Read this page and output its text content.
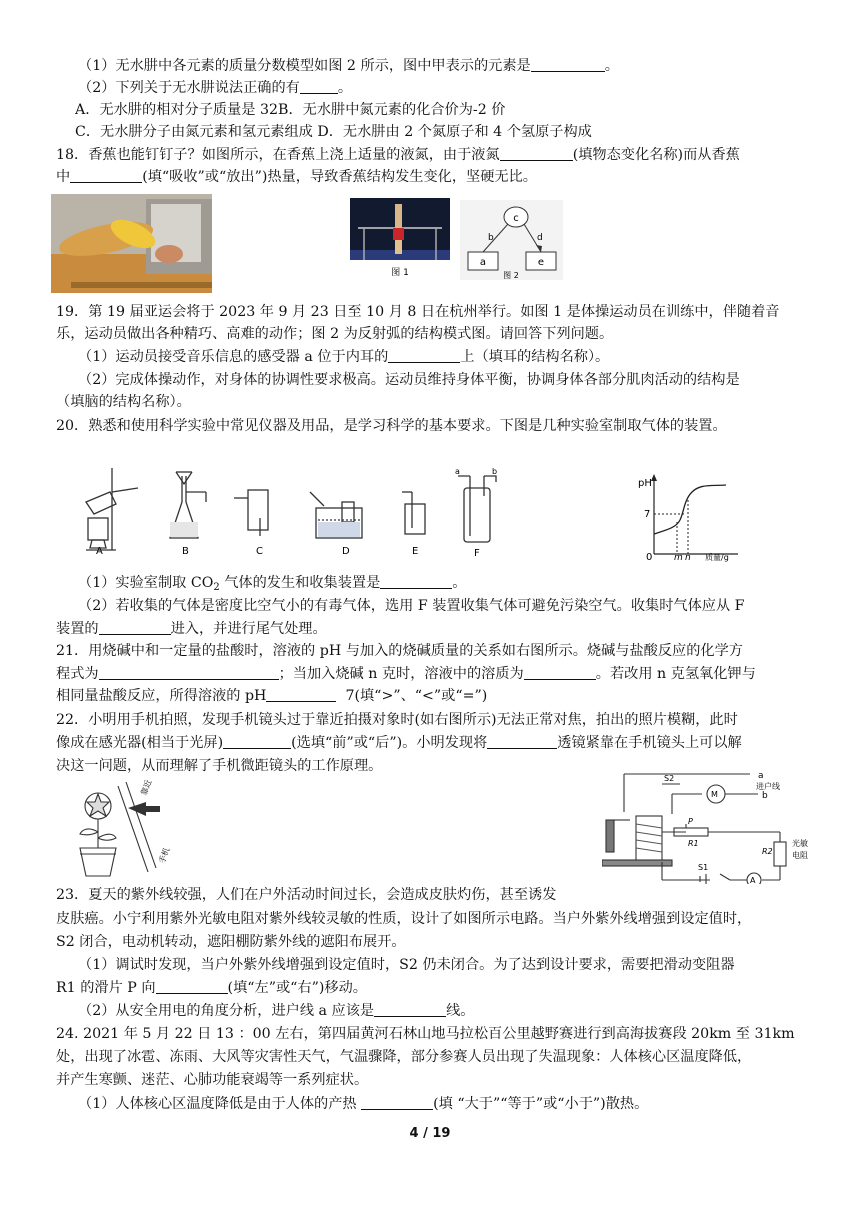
（1）无水肼中各元素的质量分数模型如图 2 所示，图中甲表示的元素是	。
（2）下列关于无水肼说法正确的有	。
A．无水肼的相对分子质量是 32B．无水肼中氮元素的化合价为-2 价
C．无水肼分子由氮元素和氢元素组成 D．无水肼由 2 个氮原子和 4 个氢原子构成
18．香蕉也能钉钉子？如图所示，在香蕉上浇上适量的液氮，由于液氮	(填物态变化名称)而从香蕉
中	(填“吸收”或“放出”)热量，导致香蕉结构发生变化，坚硬无比。
图 1
c
a	e
b	d
图 2
19．第 19 届亚运会将于 2023 年 9 月 23 日至 10 月 8 日在杭州举行。如图 1 是体操运动员在训练中，伴随着音
乐，运动员做出各种精巧、高难的动作；图 2 为反射弧的结构模式图。请回答下列问题。
（1）运动员接受音乐信息的感受器 a 位于内耳的	上（填耳的结构名称）。
（2）完成体操动作，对身体的协调性要求极高。运动员维持身体平衡，协调身体各部分肌肉活动的结构是
（填脑的结构名称）。
20．熟悉和使用科学实验中常见仪器及用品，是学习科学的基本要求。下图是几种实验室制取气体的装置。
A	B	C	D	E	F
a	b
pH
7
0 m n 质量/g
（1）实验室制取 $CO_2$ 气体的发生和收集装置是	。
（2）若收集的气体是密度比空气小的有毒气体，选用 F 装置收集气体可避免污染空气。收集时气体应从 F
装置的	进入，并进行尾气处理。
21．用烧碱中和一定量的盐酸时，溶液的 pH 与加入的烧碱质量的关系如右图所示。烧碱与盐酸反应的化学方
程式为	；当加入烧碱 n 克时，溶液中的溶质为	。若改用 n 克氢氧化钾与
相同量盐酸反应，所得溶液的 pH	7(填“>”、“<”或“=”)
22．小明用手机拍照，发现手机镜头过于靠近拍摄对象时(如右图所示)无法正常对焦，拍出的照片模糊，此时
像成在感光器(相当于光屏)	(选填“前”或“后”)。小明发现将	透镜紧靠在手机镜头上可以解
决这一问题，从而理解了手机微距镜头的工作原理。
靠近
手机
a
进户线
b
S2
M
P
R1
R2
光敏
电阻
S1
A
23．夏天的紫外线较强，人们在户外活动时间过长，会造成皮肤灼伤，甚至诱发
皮肤癌。小宁利用紫外光敏电阻对紫外线较灵敏的性质，设计了如图所示电路。当户外紫外线增强到设定值时，
S2 闭合，电动机转动，遮阳棚防紫外线的遮阳布展开。
（1）调试时发现，当户外紫外线增强到设定值时，S2 仍未闭合。为了达到设计要求，需要把滑动变阻器
R1 的滑片 P 向	(填“左”或“右”)移动。
（2）从安全用电的角度分析，进户线 a 应该是	线。
24. 2021 年 5 月 22 日 13 ：00 左右，第四届黄河石林山地马拉松百公里越野赛进行到高海拔赛段 20km 至 31km
处，出现了冰雹、冻雨、大风等灾害性天气，气温骤降，部分参赛人员出现了失温现象：人体核心区温度降低，
并产生寒颤、迷茫、心肺功能衰竭等一系列症状。
（1）人体核心区温度降低是由于人体的产热	(填 “大于”“等于”或“小于”)散热。
4 / 19
